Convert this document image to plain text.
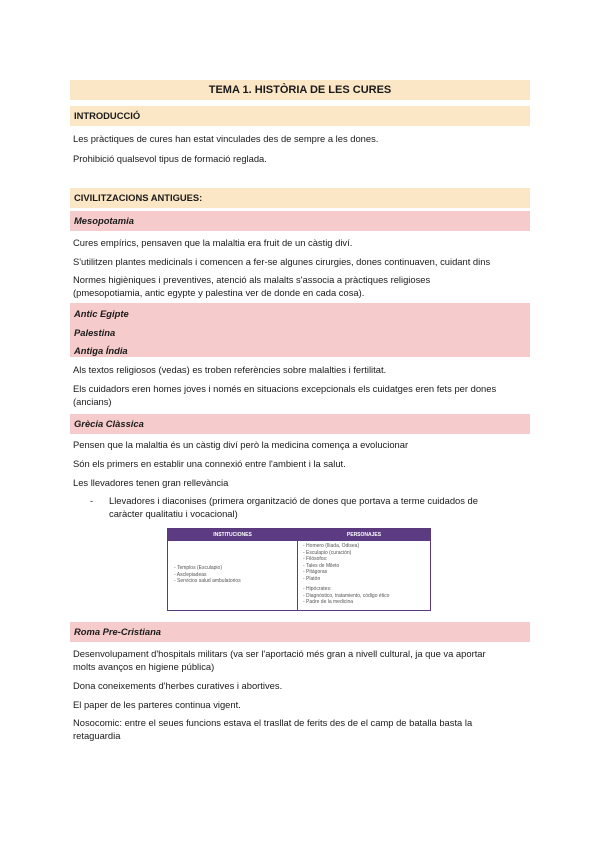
TEMA 1. HISTÒRIA DE LES CURES
INTRODUCCIÓ
Les pràctiques de cures han estat vinculades des de sempre a les dones.
Prohibició qualsevol tipus de formació reglada.
CIVILITZACIONS ANTIGUES:
Mesopotamia
Cures empírics, pensaven que la malaltia era fruit de un càstig diví.
S'utilitzen plantes medicinals i comencen a fer-se algunes cirurgies, dones continuaven, cuidant dins
Normes higièniques i preventives, atenció als malalts s'associa a pràctiques religioses
(pmesopotiamia, antic egypte y palestina ver de donde en cada cosa).
Antic Egipte
Palestina
Antiga Índia
Als textos religiosos (vedas) es troben referències sobre malalties i fertilitat.
Els cuidadors eren homes joves i només en situacions excepcionals els cuidatges eren fets per dones
(ancians)
Grècia Clàssica
Pensen que la malaltia és un càstig diví però la medicina comença a evolucionar
Són els primers en establir una connexió entre l'ambient i la salut.
Les llevadores tenen gran rellevància
- Llevadores i diaconises (primera organització de dones que portava a terme cuidados de
caràcter qualitatiu i vocacional)
INSTITUCIONES	PERSONAJES
- Templos (Esculapio)
- Asclepiadeas
- Servicios salud ambulatorios
- Homero (Iliada, Odisea)
- Esculapio (curación)
- Filósofos:
- Tales de Mileto
- Pitágoras
- Platón
- Hipócrates:
- Diagnóstico, tratamiento, código ético
- Padre de la medicina
Roma Pre-Cristiana
Desenvolupament d'hospitals militars (va ser l'aportació més gran a nivell cultural, ja que va aportar
molts avanços en higiene pública)
Dona coneixements d'herbes curatives i abortives.
El paper de les parteres continua vigent.
Nosocomic: entre el seues funcions estava el trasllat de ferits des de el camp de batalla basta la
retaguardia
